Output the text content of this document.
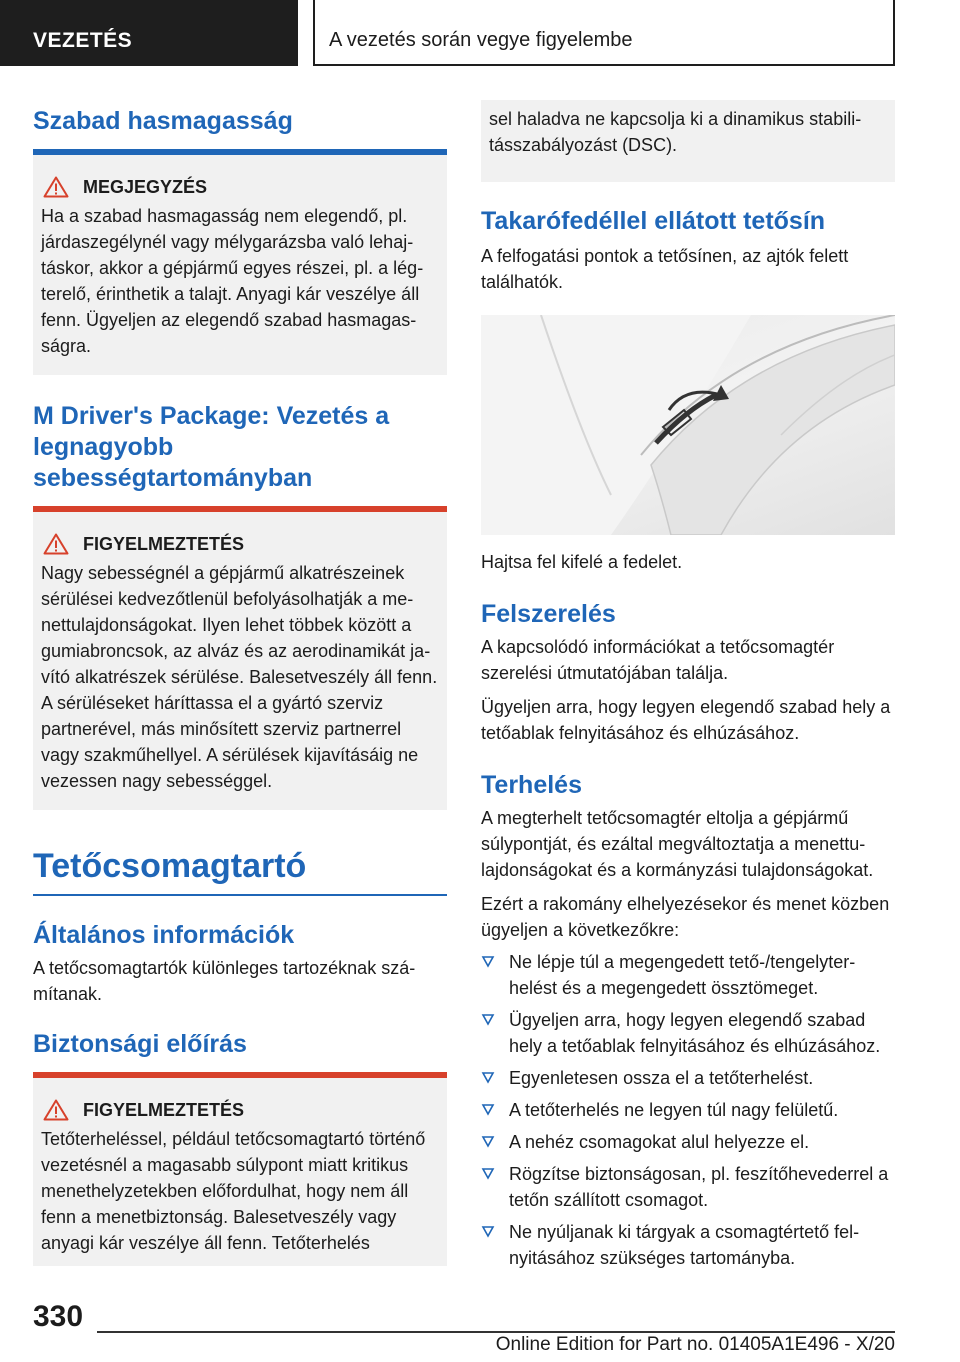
VEZETÉS	A vezetés során vegye figyelembe
Szabad hasmagasság
MEGJEGYZÉS
Ha a szabad hasmagasság nem elegendő, pl. járdaszegélynél vagy mélygarázsba való lehajtáskor, akkor a gépjármű egyes részei, pl. a légterelő, érinthetik a talajt. Anyagi kár veszélye áll fenn. Ügyeljen az elegendő szabad hasmagasságra.
M Driver's Package: Vezetés a legnagyobb sebességtartományban
FIGYELMEZTETÉS
Nagy sebességnél a gépjármű alkatrészeinek sérülései kedvezőtlenül befolyásolhatják a menettulajdonságokat. Ilyen lehet többek között a gumiabroncsok, az alváz és az aerodinamikát javító alkatrészek sérülése. Balesetveszély áll fenn. A sérüléseket háríttassa el a gyártó szerviz partnerével, más minősített szerviz partnerrel vagy szakműhellyel. A sérülések kijavításáig ne vezessen nagy sebességgel.
Tetőcsomagtartó
Általános információk
A tetőcsomagtartók különleges tartozéknak számítanak.
Biztonsági előírás
FIGYELMEZTETÉS
Tetőterheléssel, például tetőcsomagtartó történő vezetésnél a magasabb súlypont miatt kritikus menethelyzetekben előfordulhat, hogy nem áll fenn a menetbiztonság. Balesetveszély vagy anyagi kár veszélye áll fenn. Tetőterhelés
sel haladva ne kapcsolja ki a dinamikus stabilitásszabályozást (DSC).
Takarófedéllel ellátott tetősín
A felfogatási pontok a tetősínen, az ajtók felett találhatók.
Hajtsa fel kifelé a fedelet.
Felszerelés
A kapcsolódó információkat a tetőcsomagtér szerelési útmutatójában találja.
Ügyeljen arra, hogy legyen elegendő szabad hely a tetőablak felnyitásához és elhúzásához.
Terhelés
A megterhelt tetőcsomagtér eltolja a gépjármű súlypontját, és ezáltal megváltoztatja a menettulajdonságokat és a kormányzási tulajdonságokat.
Ezért a rakomány elhelyezésekor és menet közben ügyeljen a következőkre:
Ne lépje túl a megengedett tető-/tengelyterhelést és a megengedett össztömeget.
Ügyeljen arra, hogy legyen elegendő szabad hely a tetőablak felnyitásához és elhúzásához.
Egyenletesen ossza el a tetőterhelést.
A tetőterhelés ne legyen túl nagy felületű.
A nehéz csomagokat alul helyezze el.
Rögzítse biztonságosan, pl. feszítőhevederrel a tetőn szállított csomagot.
Ne nyúljanak ki tárgyak a csomagtértető felnyitásához szükséges tartományba.
330
Online Edition for Part no. 01405A1E496 - X/20
